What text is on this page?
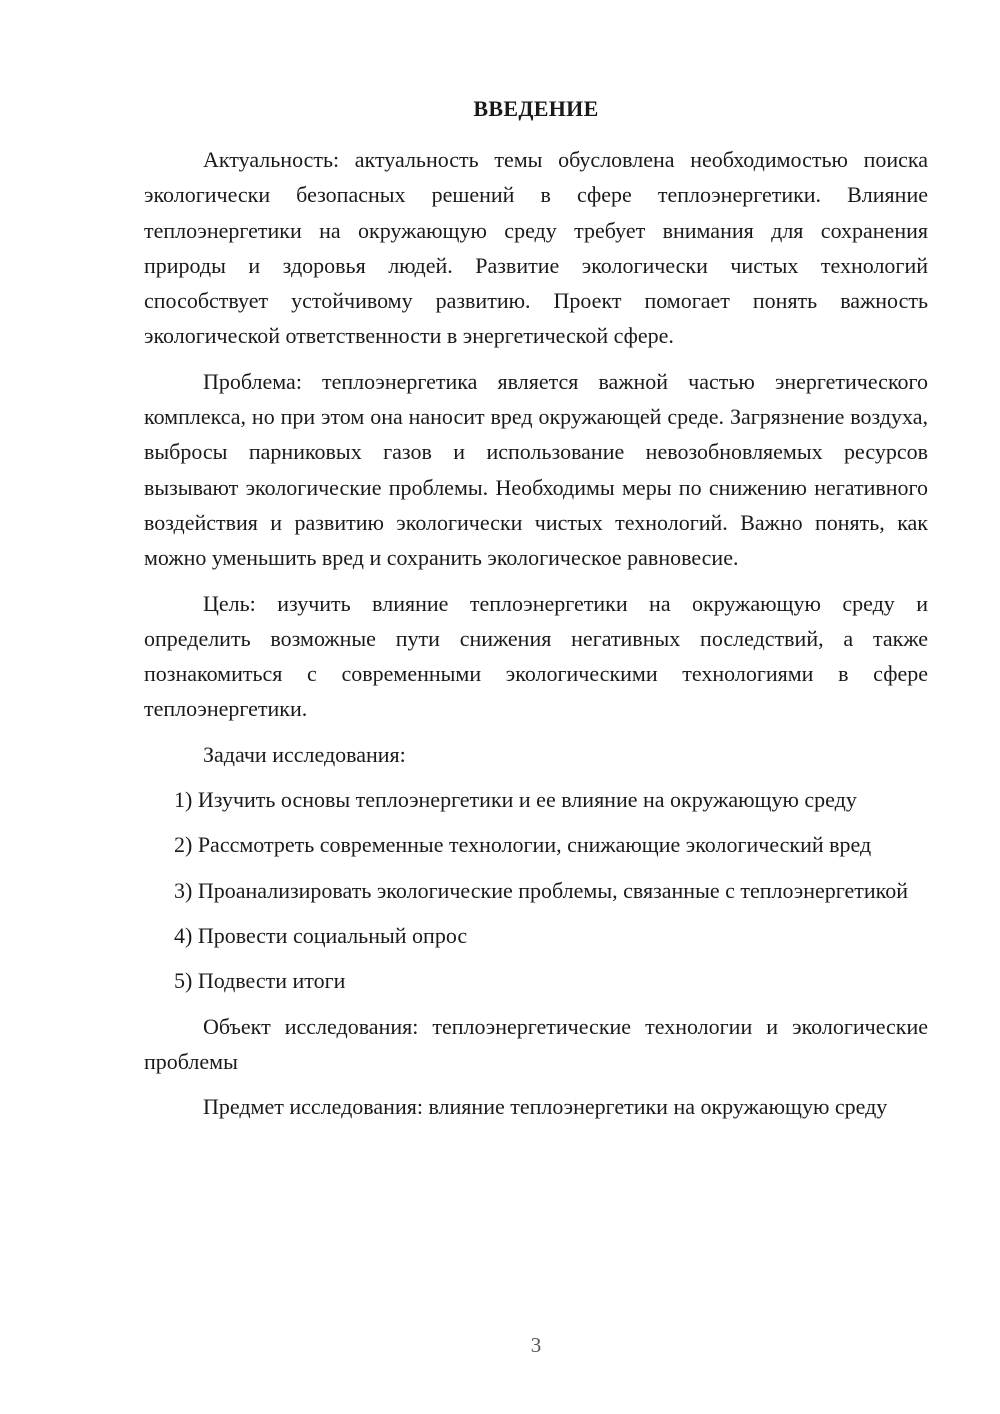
ВВЕДЕНИЕ

Актуальность: актуальность темы обусловлена необходимостью поиска экологически безопасных решений в сфере теплоэнергетики. Влияние теплоэнергетики на окружающую среду требует внимания для сохранения природы и здоровья людей. Развитие экологически чистых технологий способствует устойчивому развитию. Проект помогает понять важность экологической ответственности в энергетической сфере.

Проблема: теплоэнергетика является важной частью энергетического комплекса, но при этом она наносит вред окружающей среде. Загрязнение воздуха, выбросы парниковых газов и использование невозобновляемых ресурсов вызывают экологические проблемы. Необходимы меры по снижению негативного воздействия и развитию экологически чистых технологий. Важно понять, как можно уменьшить вред и сохранить экологическое равновесие.

Цель: изучить влияние теплоэнергетики на окружающую среду и определить возможные пути снижения негативных последствий, а также познакомиться с современными экологическими технологиями в сфере теплоэнергетики.

Задачи исследования:

1) Изучить основы теплоэнергетики и ее влияние на окружающую среду

2) Рассмотреть современные технологии, снижающие экологический вред

3) Проанализировать экологические проблемы, связанные с теплоэнергетикой

4) Провести социальный опрос

5) Подвести итоги

Объект исследования: теплоэнергетические технологии и экологические проблемы

Предмет исследования: влияние теплоэнергетики на окружающую среду

3
